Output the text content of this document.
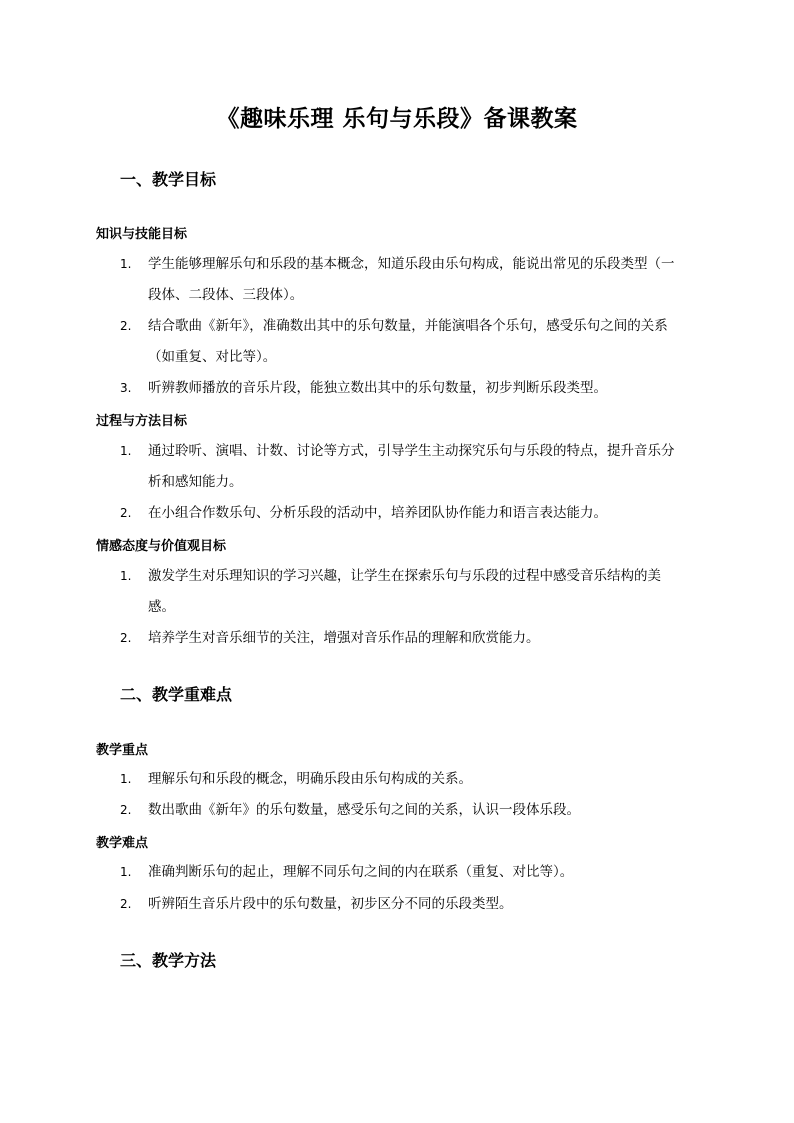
《趣味乐理 乐句与乐段》备课教案
一、教学目标
知识与技能目标
1. 学生能够理解乐句和乐段的基本概念，知道乐段由乐句构成，能说出常见的乐段类型（一段体、二段体、三段体）。
2. 结合歌曲《新年》，准确数出其中的乐句数量，并能演唱各个乐句，感受乐句之间的关系（如重复、对比等）。
3. 听辨教师播放的音乐片段，能独立数出其中的乐句数量，初步判断乐段类型。
过程与方法目标
1. 通过聆听、演唱、计数、讨论等方式，引导学生主动探究乐句与乐段的特点，提升音乐分析和感知能力。
2. 在小组合作数乐句、分析乐段的活动中，培养团队协作能力和语言表达能力。
情感态度与价值观目标
1. 激发学生对乐理知识的学习兴趣，让学生在探索乐句与乐段的过程中感受音乐结构的美感。
2. 培养学生对音乐细节的关注，增强对音乐作品的理解和欣赏能力。
二、教学重难点
教学重点
1. 理解乐句和乐段的概念，明确乐段由乐句构成的关系。
2. 数出歌曲《新年》的乐句数量，感受乐句之间的关系，认识一段体乐段。
教学难点
1. 准确判断乐句的起止，理解不同乐句之间的内在联系（重复、对比等）。
2. 听辨陌生音乐片段中的乐句数量，初步区分不同的乐段类型。
三、教学方法
